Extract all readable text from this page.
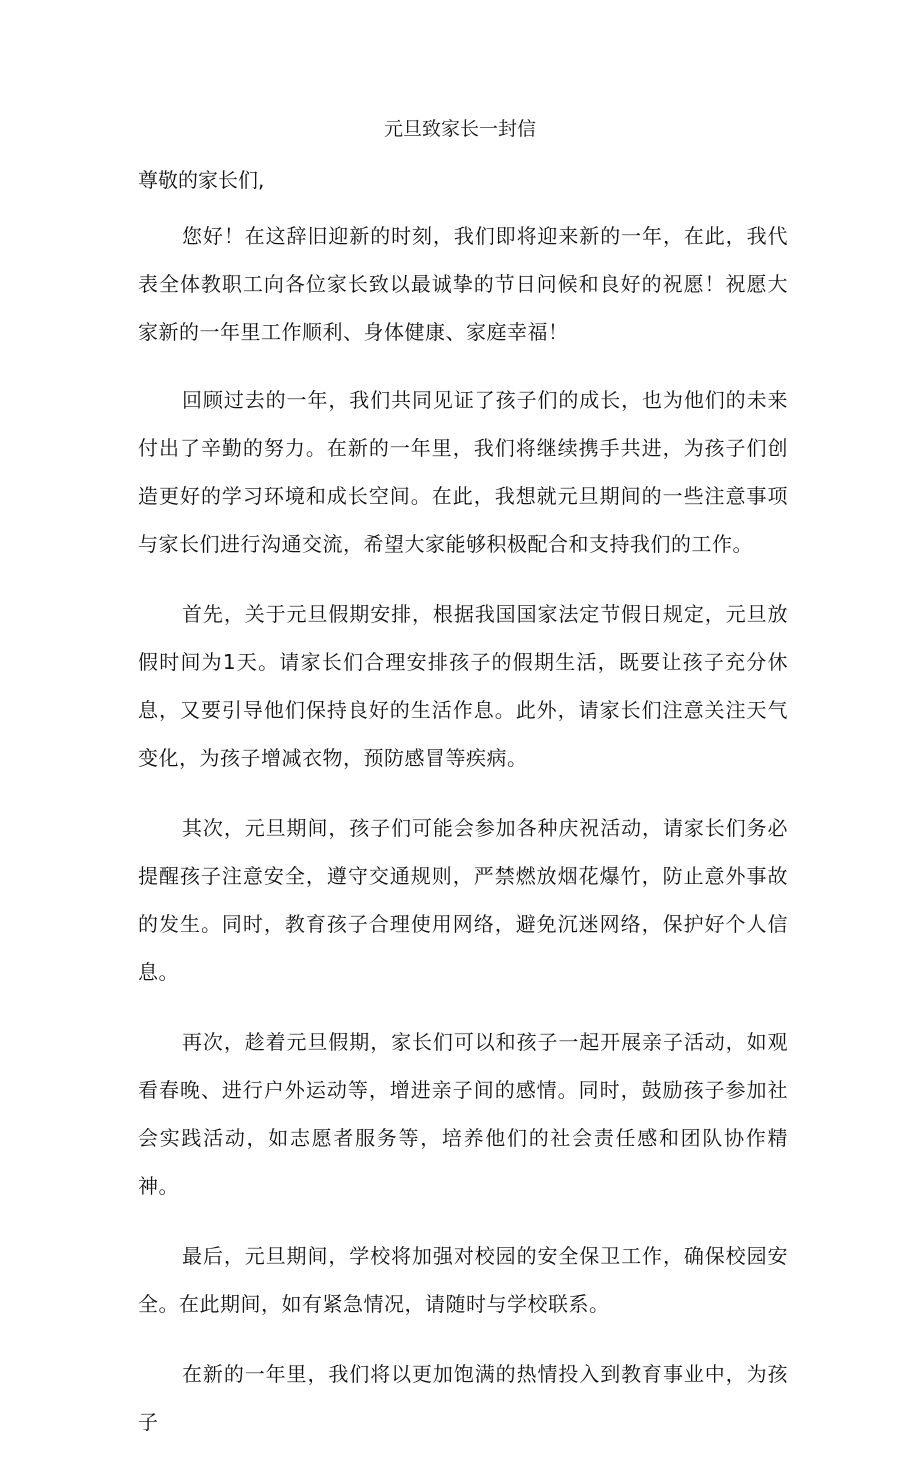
元旦致家长一封信

尊敬的家长们,

您好！在这辞旧迎新的时刻，我们即将迎来新的一年，在此，我代表全体教职工向各位家长致以最诚挚的节日问候和良好的祝愿！祝愿大家新的一年里工作顺利、身体健康、家庭幸福！

回顾过去的一年，我们共同见证了孩子们的成长，也为他们的未来付出了辛勤的努力。在新的一年里，我们将继续携手共进，为孩子们创造更好的学习环境和成长空间。在此，我想就元旦期间的一些注意事项与家长们进行沟通交流，希望大家能够积极配合和支持我们的工作。

首先，关于元旦假期安排，根据我国国家法定节假日规定，元旦放假时间为1天。请家长们合理安排孩子的假期生活，既要让孩子充分休息，又要引导他们保持良好的生活作息。此外，请家长们注意关注天气变化，为孩子增减衣物，预防感冒等疾病。

其次，元旦期间，孩子们可能会参加各种庆祝活动，请家长们务必提醒孩子注意安全，遵守交通规则，严禁燃放烟花爆竹，防止意外事故的发生。同时，教育孩子合理使用网络，避免沉迷网络，保护好个人信息。

再次，趁着元旦假期，家长们可以和孩子一起开展亲子活动，如观看春晚、进行户外运动等，增进亲子间的感情。同时，鼓励孩子参加社会实践活动，如志愿者服务等，培养他们的社会责任感和团队协作精神。

最后，元旦期间，学校将加强对校园的安全保卫工作，确保校园安全。在此期间，如有紧急情况，请随时与学校联系。

在新的一年里，我们将以更加饱满的热情投入到教育事业中，为孩子
